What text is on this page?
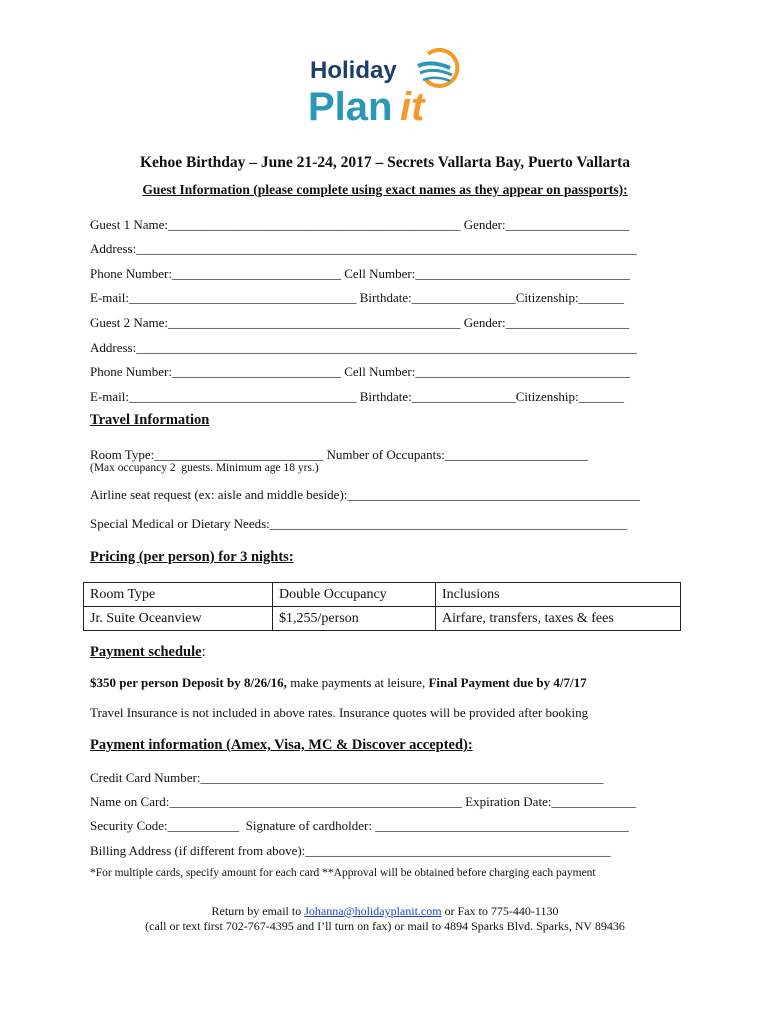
Holiday
Plan it
Kehoe Birthday – June 21-24, 2017 – Secrets Vallarta Bay, Puerto Vallarta
Guest Information (please complete using exact names as they appear on passports):
Guest 1 Name:_____________________________________________ Gender:___________________
Address:_____________________________________________________________________________
Phone Number:__________________________ Cell Number:_________________________________
E-mail:___________________________________ Birthdate:________________Citizenship:_______
Guest 2 Name:_____________________________________________ Gender:___________________
Address:_____________________________________________________________________________
Phone Number:__________________________ Cell Number:_________________________________
E-mail:___________________________________ Birthdate:________________Citizenship:_______
Travel Information
Room Type:__________________________ Number of Occupants:______________________
(Max occupancy 2  guests. Minimum age 18 yrs.)
Airline seat request (ex: aisle and middle beside):_____________________________________________
Special Medical or Dietary Needs:_______________________________________________________
Pricing (per person) for 3 nights:
Room Type	Double Occupancy	Inclusions
Jr. Suite Oceanview	$1,255/person	Airfare, transfers, taxes & fees
Payment schedule:
$350 per person Deposit by 8/26/16, make payments at leisure, Final Payment due by 4/7/17
Travel Insurance is not included in above rates. Insurance quotes will be provided after booking
Payment information (Amex, Visa, MC & Discover accepted):
Credit Card Number:______________________________________________________________
Name on Card:_____________________________________________ Expiration Date:_____________
Security Code:___________  Signature of cardholder: _______________________________________
Billing Address (if different from above):_______________________________________________
*For multiple cards, specify amount for each card **Approval will be obtained before charging each payment
Return by email to Johanna@holidayplanit.com or Fax to 775-440-1130
(call or text first 702-767-4395 and I’ll turn on fax) or mail to 4894 Sparks Blvd. Sparks, NV 89436
